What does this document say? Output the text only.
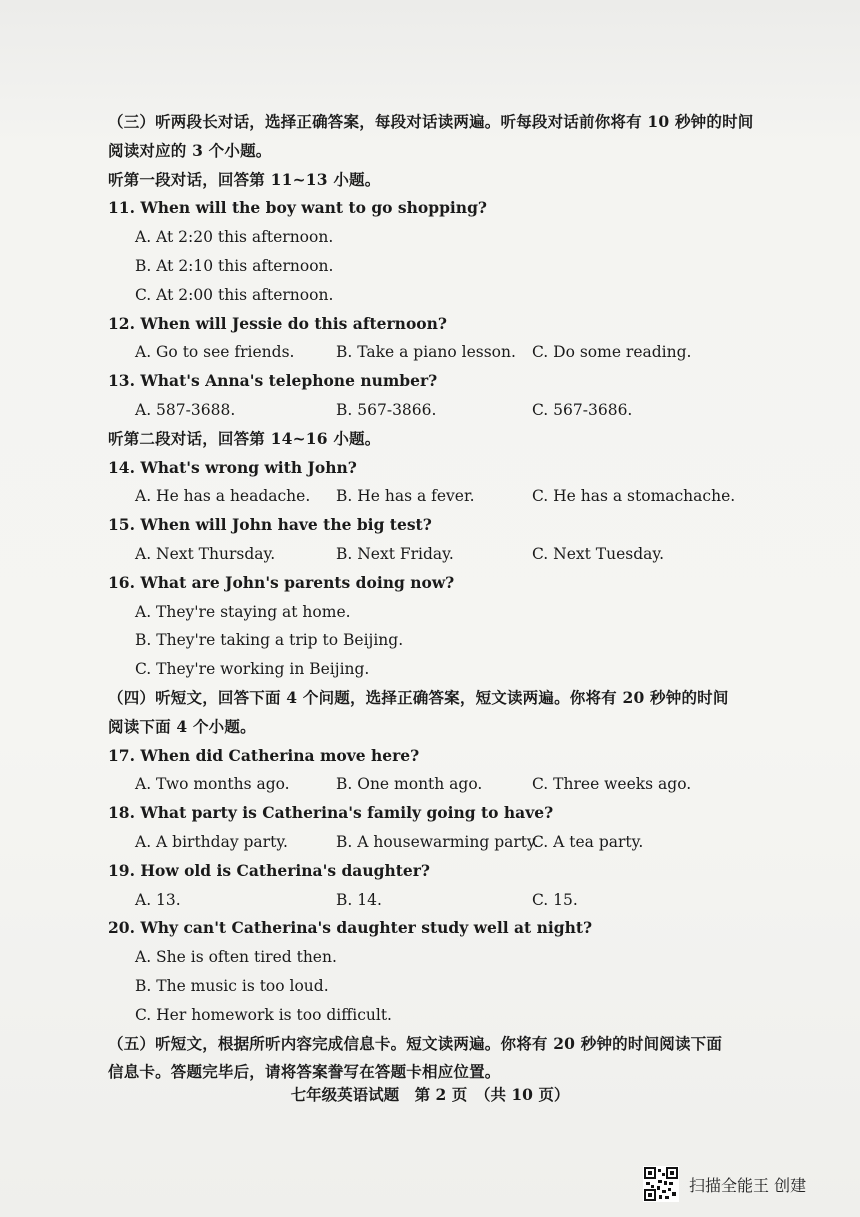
（三）听两段长对话，选择正确答案，每段对话读两遍。听每段对话前你将有 10 秒钟的时间
阅读对应的 3 个小题。
听第一段对话，回答第 11~13 小题。
11. When will the boy want to go shopping?
A. At 2:20 this afternoon.
B. At 2:10 this afternoon.
C. At 2:00 this afternoon.
12. When will Jessie do this afternoon?
A. Go to see friends.	B. Take a piano lesson.	C. Do some reading.
13. What's Anna's telephone number?
A. 587-3688.	B. 567-3866.	C. 567-3686.
听第二段对话，回答第 14~16 小题。
14. What's wrong with John?
A. He has a headache.	B. He has a fever.	C. He has a stomachache.
15. When will John have the big test?
A. Next Thursday.	B. Next Friday.	C. Next Tuesday.
16. What are John's parents doing now?
A. They're staying at home.
B. They're taking a trip to Beijing.
C. They're working in Beijing.
（四）听短文，回答下面 4 个问题，选择正确答案，短文读两遍。你将有 20 秒钟的时间
阅读下面 4 个小题。
17. When did Catherina move here?
A. Two months ago.	B. One month ago.	C. Three weeks ago.
18. What party is Catherina's family going to have?
A. A birthday party.	B. A housewarming party.
C. A tea party.
19. How old is Catherina's daughter?
A. 13.	B. 14.	C. 15.
20. Why can't Catherina's daughter study well at night?
A. She is often tired then.
B. The music is too loud.
C. Her homework is too difficult.
（五）听短文，根据所听内容完成信息卡。短文读两遍。你将有 20 秒钟的时间阅读下面
信息卡。答题完毕后，请将答案誊写在答题卡相应位置。
七年级英语试题　第 2 页　（共 10 页）
扫描全能王 创建
